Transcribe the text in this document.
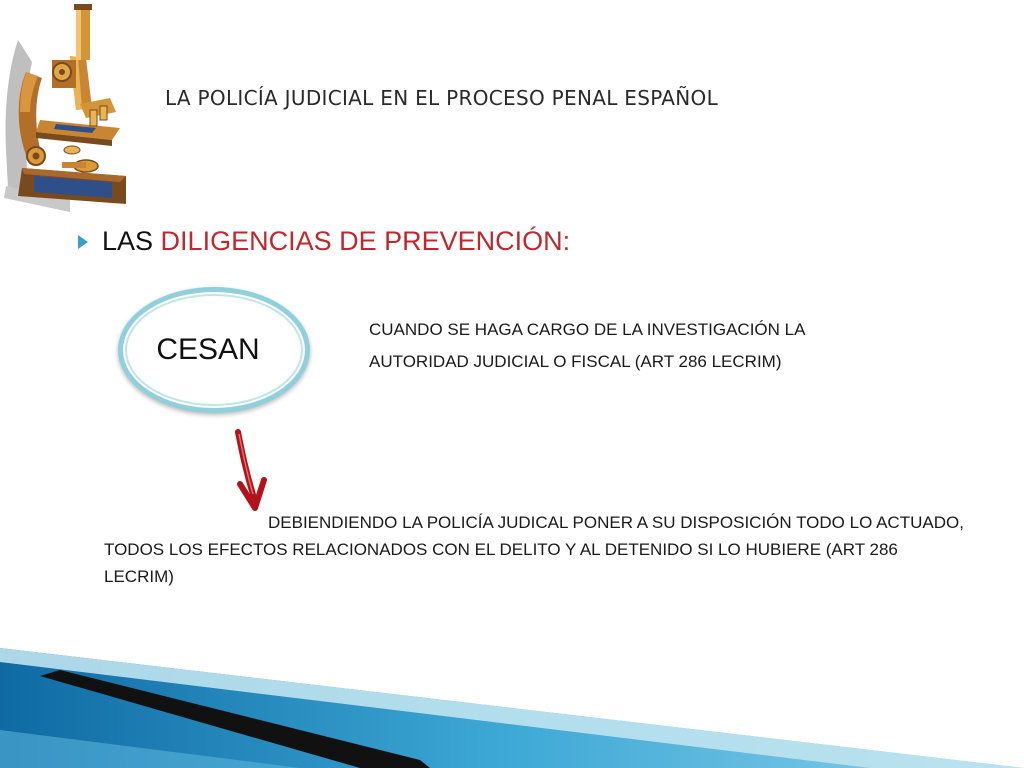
LA POLICÍA JUDICIAL EN EL PROCESO PENAL ESPAÑOL
LAS DILIGENCIAS DE PREVENCIÓN:
CESAN
CUANDO SE HAGA CARGO DE LA INVESTIGACIÓN LA AUTORIDAD JUDICIAL O FISCAL (ART 286 LECRIM)
DEBIENDIENDO LA POLICÍA JUDICAL PONER A SU DISPOSICIÓN TODO LO ACTUADO, TODOS LOS EFECTOS RELACIONADOS CON EL DELITO Y AL DETENIDO SI LO HUBIERE (ART 286 LECRIM)
